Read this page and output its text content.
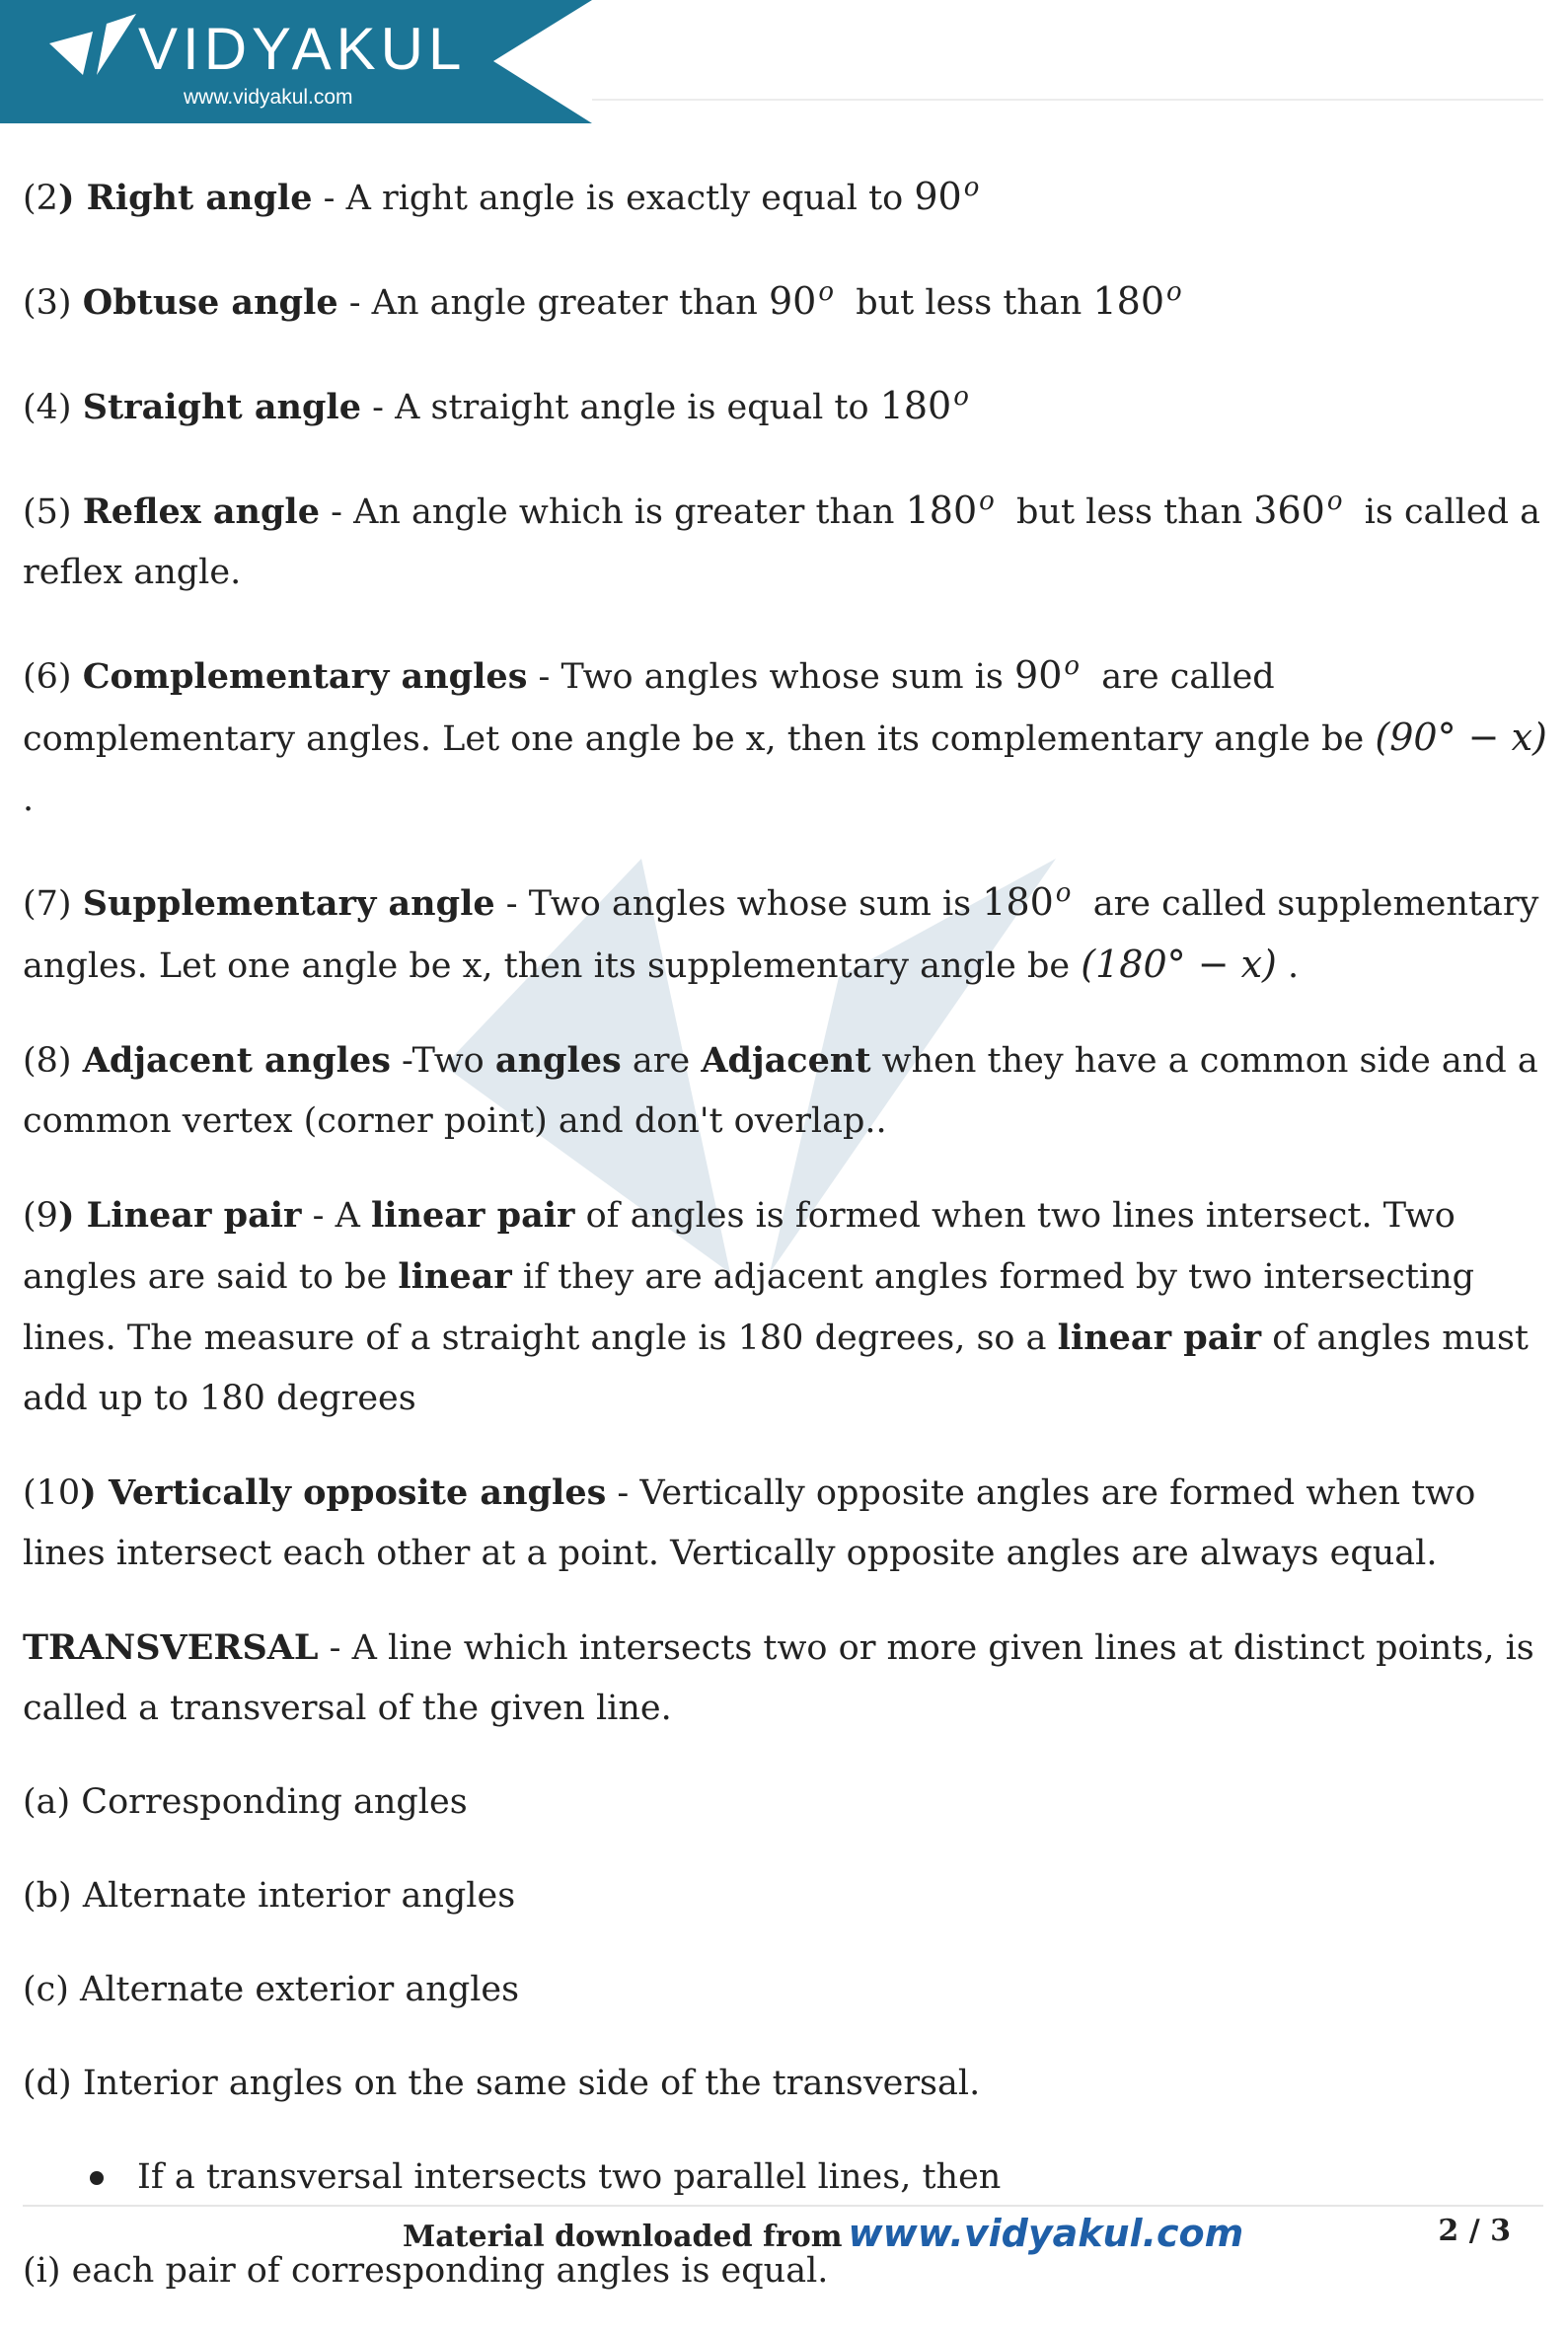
VIDYAKUL
www.vidyakul.com

(2) Right angle - A right angle is exactly equal to 90$^o$

(3) Obtuse angle - An angle greater than 90$^o$  but less than 180$^o$

(4) Straight angle - A straight angle is equal to 180$^o$

(5) Reflex angle - An angle which is greater than 180$^o$  but less than 360$^o$  is called a reflex angle.

(6) Complementary angles - Two angles whose sum is 90$^o$  are called complementary angles. Let one angle be x, then its complementary angle be (90° − x) .

(7) Supplementary angle - Two angles whose sum is 180$^o$  are called supplementary angles. Let one angle be x, then its supplementary angle be (180° − x) .

(8) Adjacent angles -Two angles are Adjacent when they have a common side and a common vertex (corner point) and don't overlap..

(9) Linear pair - A linear pair of angles is formed when two lines intersect. Two angles are said to be linear if they are adjacent angles formed by two intersecting lines. The measure of a straight angle is 180 degrees, so a linear pair of angles must add up to 180 degrees

(10) Vertically opposite angles - Vertically opposite angles are formed when two lines intersect each other at a point. Vertically opposite angles are always equal.

TRANSVERSAL - A line which intersects two or more given lines at distinct points, is called a transversal of the given line.

(a) Corresponding angles

(b) Alternate interior angles

(c) Alternate exterior angles

(d) Interior angles on the same side of the transversal.

If a transversal intersects two parallel lines, then

(i) each pair of corresponding angles is equal.

Material downloaded from www.vidyakul.com	2 / 3
